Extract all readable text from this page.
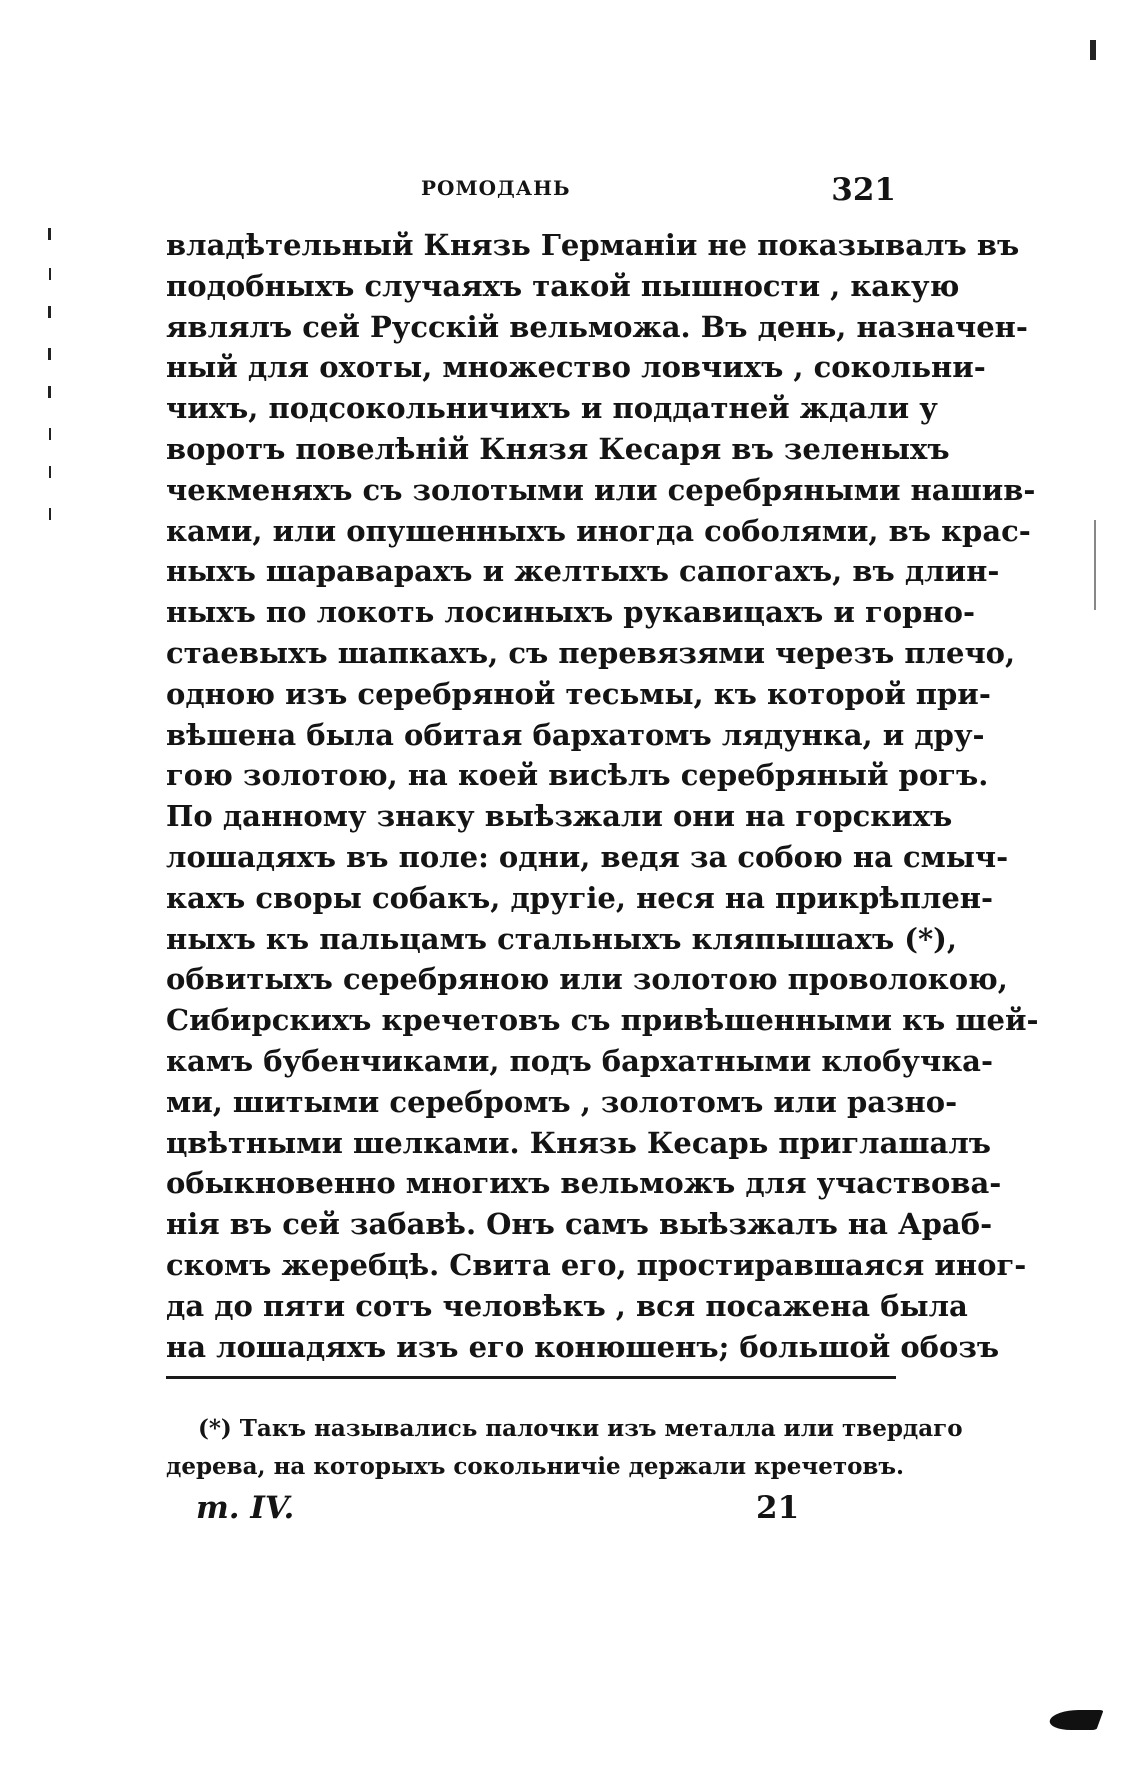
РОМОДАНЬ	321
владѣтельный Князь Германіи не показывалъ въ
подобныхъ случаяхъ такой пышности , какую
являлъ сей Русскій вельможа. Въ день, назначен-
ный для охоты, множество ловчихъ , сокольни-
чихъ, подсокольничихъ и поддатней ждали у
воротъ повелѣній Князя Кесаря въ зеленыхъ
чекменяхъ съ золотыми или серебряными нашив-
ками, или опушенныхъ иногда соболями, въ крас-
ныхъ шараварахъ и желтыхъ сапогахъ, въ длин-
ныхъ по локоть лосиныхъ рукавицахъ и горно-
стаевыхъ шапкахъ, съ перевязями черезъ плечо,
одною изъ серебряной тесьмы, къ которой при-
вѣшена была обитая бархатомъ лядунка, и дру-
гою золотою, на коей висѣлъ серебряный рогъ.
По данному знаку выѣзжали они на горскихъ
лошадяхъ въ поле: одни, ведя за собою на смыч-
кахъ своры собакъ, другіе, неся на прикрѣплен-
ныхъ къ пальцамъ стальныхъ кляпышахъ (*),
обвитыхъ серебряною или золотою проволокою,
Сибирскихъ кречетовъ съ привѣшенными къ шей-
камъ бубенчиками, подъ бархатными клобучка-
ми, шитыми серебромъ , золотомъ или разно-
цвѣтными шелками. Князь Кесарь приглашалъ
обыкновенно многихъ вельможъ для участвова-
нія въ сей забавѣ. Онъ самъ выѣзжалъ на Араб-
скомъ жеребцѣ. Свита его, простиравшаяся иног-
да до пяти сотъ человѣкъ , вся посажена была
на лошадяхъ изъ его конюшенъ; большой обозъ
(*) Такъ назывались палочки изъ металла или твердаго
дерева, на которыхъ сокольничіе держали кречетовъ.
т. IV.	21
